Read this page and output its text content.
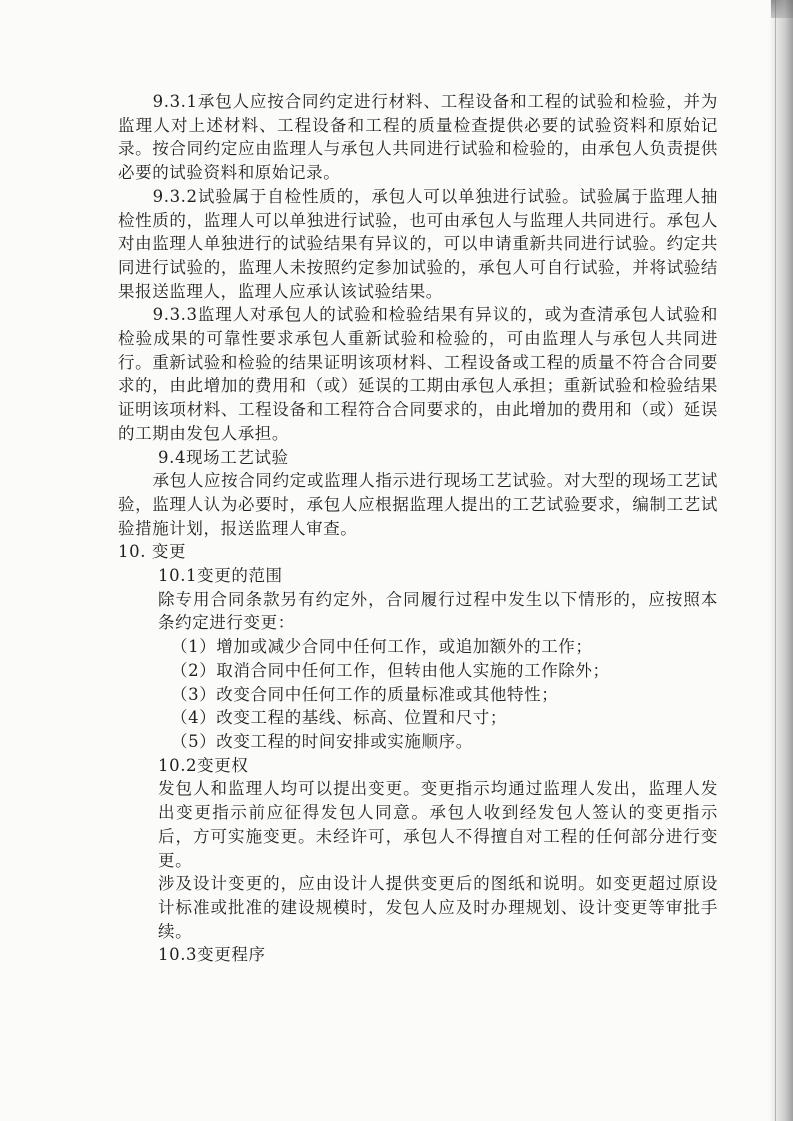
9.3.1承包人应按合同约定进行材料、工程设备和工程的试验和检验，并为监理人对上述材料、工程设备和工程的质量检查提供必要的试验资料和原始记录。按合同约定应由监理人与承包人共同进行试验和检验的，由承包人负责提供必要的试验资料和原始记录。

9.3.2试验属于自检性质的，承包人可以单独进行试验。试验属于监理人抽检性质的，监理人可以单独进行试验，也可由承包人与监理人共同进行。承包人对由监理人单独进行的试验结果有异议的，可以申请重新共同进行试验。约定共同进行试验的，监理人未按照约定参加试验的，承包人可自行试验，并将试验结果报送监理人，监理人应承认该试验结果。

9.3.3监理人对承包人的试验和检验结果有异议的，或为查清承包人试验和检验成果的可靠性要求承包人重新试验和检验的，可由监理人与承包人共同进行。重新试验和检验的结果证明该项材料、工程设备或工程的质量不符合合同要求的，由此增加的费用和（或）延误的工期由承包人承担；重新试验和检验结果证明该项材料、工程设备和工程符合合同要求的，由此增加的费用和（或）延误的工期由发包人承担。

9.4现场工艺试验

承包人应按合同约定或监理人指示进行现场工艺试验。对大型的现场工艺试验，监理人认为必要时，承包人应根据监理人提出的工艺试验要求，编制工艺试验措施计划，报送监理人审查。

10. 变更

10.1变更的范围

除专用合同条款另有约定外，合同履行过程中发生以下情形的，应按照本条约定进行变更：

（1）增加或减少合同中任何工作，或追加额外的工作；

（2）取消合同中任何工作，但转由他人实施的工作除外；

（3）改变合同中任何工作的质量标准或其他特性；

（4）改变工程的基线、标高、位置和尺寸；

（5）改变工程的时间安排或实施顺序。

10.2变更权

发包人和监理人均可以提出变更。变更指示均通过监理人发出，监理人发出变更指示前应征得发包人同意。承包人收到经发包人签认的变更指示后，方可实施变更。未经许可，承包人不得擅自对工程的任何部分进行变更。

涉及设计变更的，应由设计人提供变更后的图纸和说明。如变更超过原设计标准或批准的建设规模时，发包人应及时办理规划、设计变更等审批手续。

10.3变更程序
